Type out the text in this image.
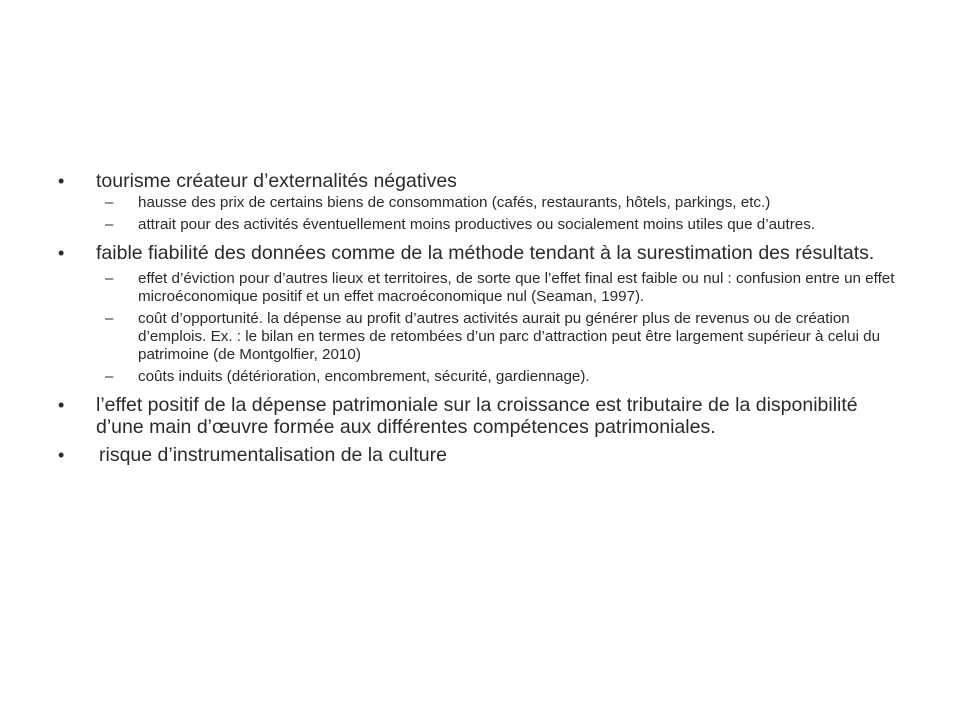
•	tourisme créateur d’externalités négatives
– hausse des prix de certains biens de consommation (cafés, restaurants, hôtels, parkings, etc.)
– attrait pour des activités éventuellement moins productives ou socialement moins utiles que d’autres.
•	faible fiabilité des données comme de la méthode tendant à la surestimation des résultats.
– effet d’éviction pour d’autres lieux et territoires, de sorte que l’effet final est faible ou nul : confusion entre un effet microéconomique positif et un effet macroéconomique nul (Seaman, 1997).
– coût d’opportunité. la dépense au profit d’autres activités aurait pu générer plus de revenus ou de création d’emplois. Ex. : le bilan en termes de retombées d’un parc d’attraction peut être largement supérieur à celui du patrimoine (de Montgolfier, 2010)
– coûts induits (détérioration, encombrement, sécurité, gardiennage).
•	l’effet positif de la dépense patrimoniale sur la croissance est tributaire de la disponibilité d’une main d’œuvre formée aux différentes compétences patrimoniales.
•	risque d’instrumentalisation de la culture
